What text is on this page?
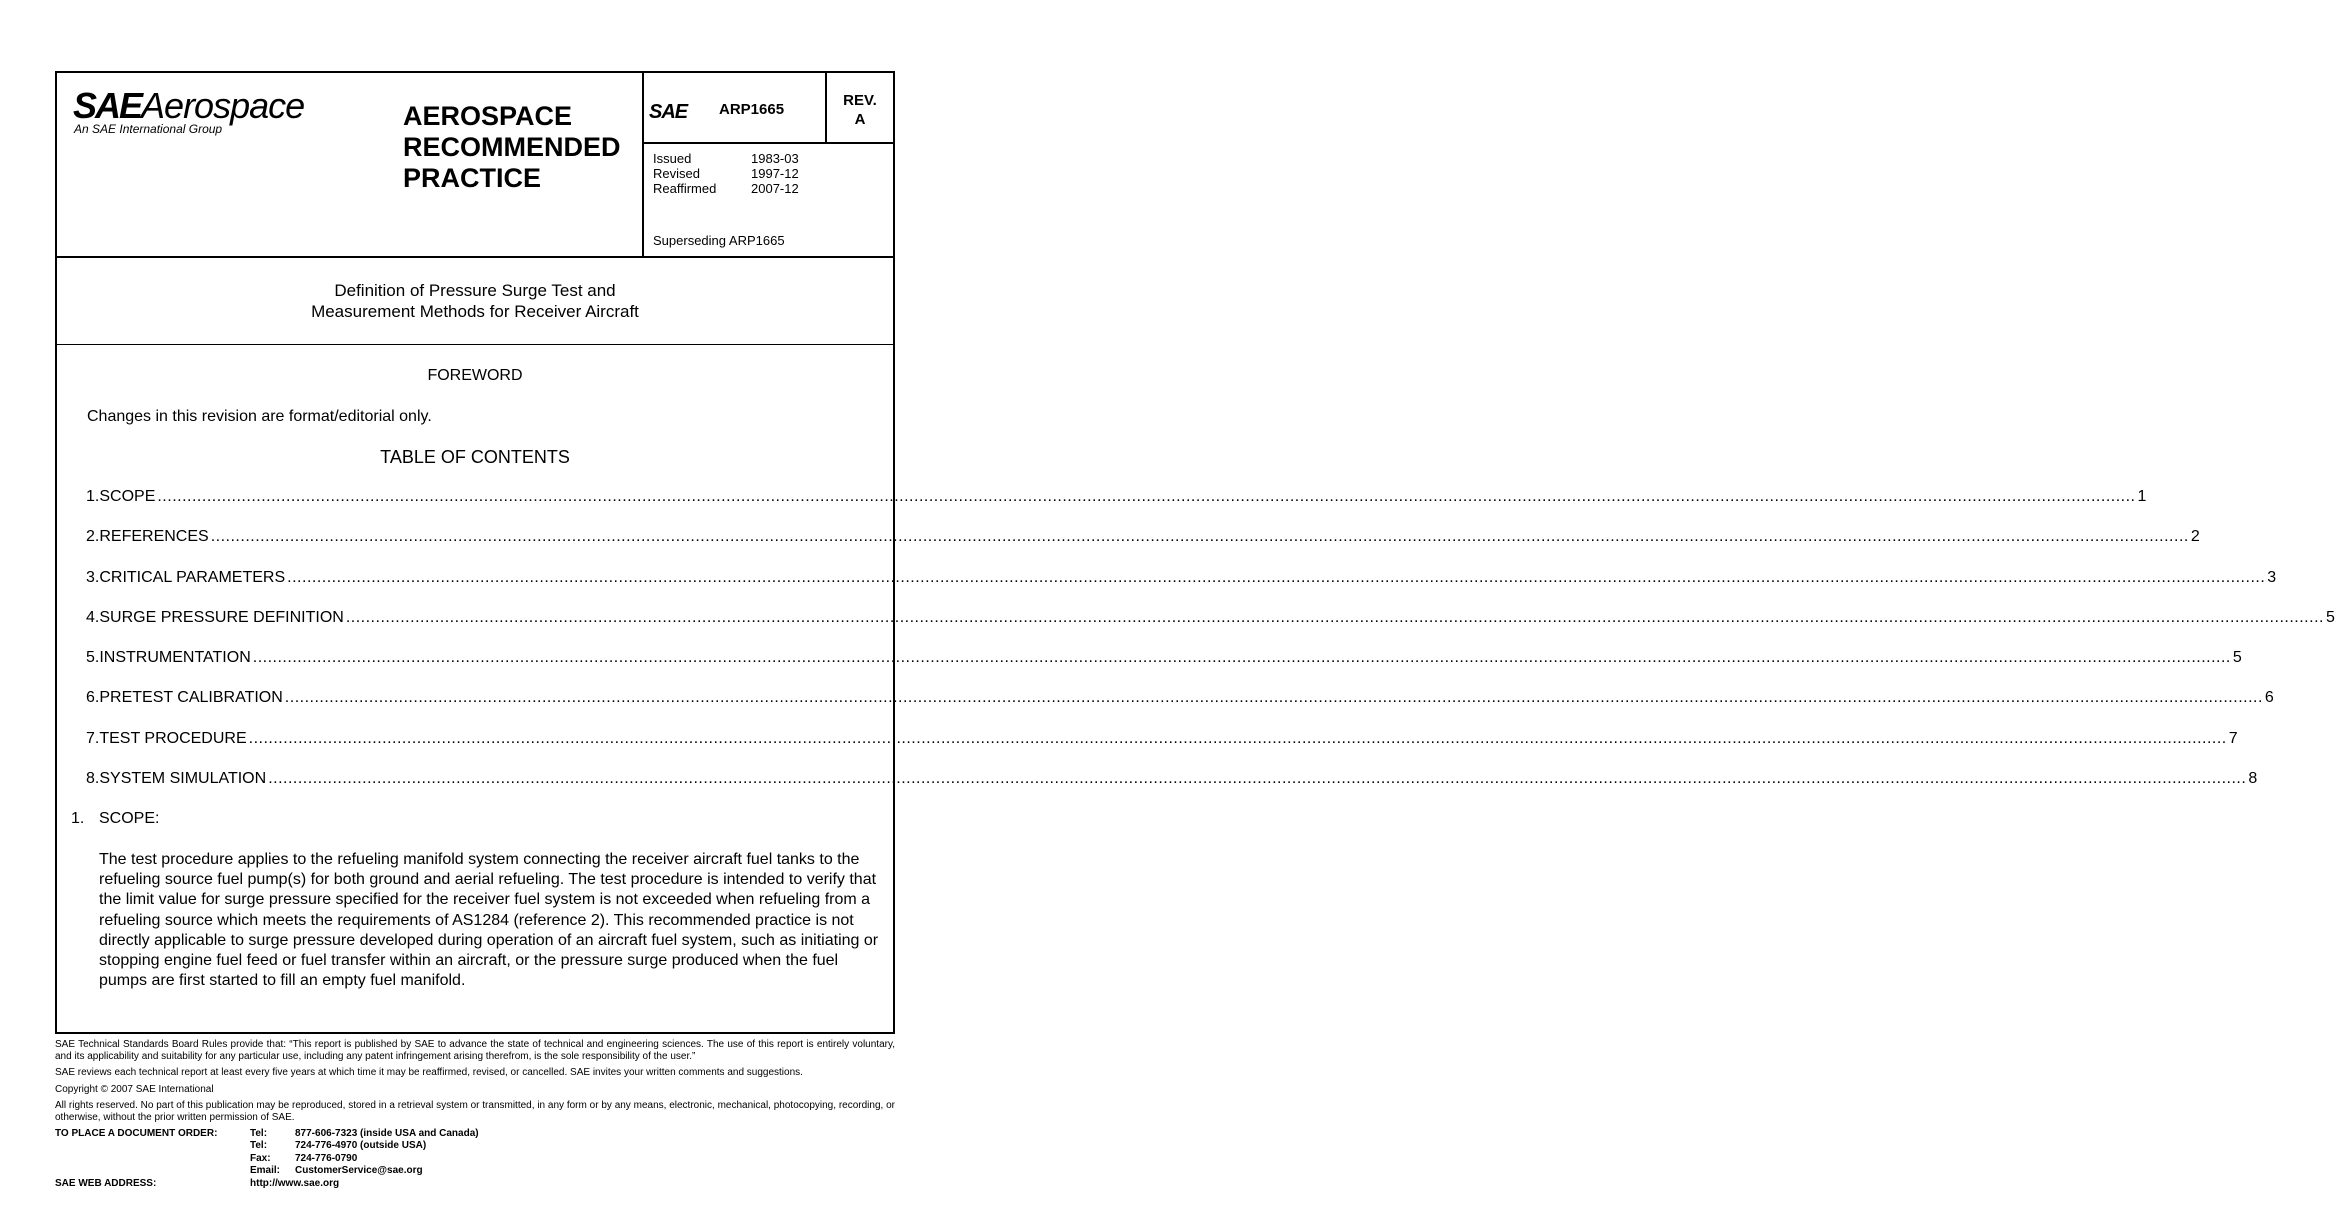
SAEAerospace
An SAE International Group	AEROSPACE
RECOMMENDED
PRACTICE
SAE ARP1665
REV.
A
Issued	1983-03
Revised	1997-12
Reaffirmed	2007-12
Superseding ARP1665
Definition of Pressure Surge Test and
Measurement Methods for Receiver Aircraft
FOREWORD
Changes in this revision are format/editorial only.
TABLE OF CONTENTS
1. SCOPE ................................................................................................................................................................................................................................................................................................................................................................................................................ 1
2. REFERENCES ................................................................................................................................................................................................................................................................................................................................................................................................................ 2
3. CRITICAL PARAMETERS ................................................................................................................................................................................................................................................................................................................................................................................................................ 3
4. SURGE PRESSURE DEFINITION ................................................................................................................................................................................................................................................................................................................................................................................................................ 5
5. INSTRUMENTATION ................................................................................................................................................................................................................................................................................................................................................................................................................ 5
6. PRETEST CALIBRATION ................................................................................................................................................................................................................................................................................................................................................................................................................ 6
7. TEST PROCEDURE ................................................................................................................................................................................................................................................................................................................................................................................................................ 7
8. SYSTEM SIMULATION ................................................................................................................................................................................................................................................................................................................................................................................................................ 8
1. SCOPE:
The test procedure applies to the refueling manifold system connecting the receiver aircraft fuel tanks to the refueling source fuel pump(s) for both ground and aerial refueling. The test procedure is intended to verify that the limit value for surge pressure specified for the receiver fuel system is not exceeded when refueling from a refueling source which meets the requirements of AS1284 (reference 2). This recommended practice is not directly applicable to surge pressure developed during operation of an aircraft fuel system, such as initiating or stopping engine fuel feed or fuel transfer within an aircraft, or the pressure surge produced when the fuel pumps are first started to fill an empty fuel manifold.

SAE Technical Standards Board Rules provide that: “This report is published by SAE to advance the state of technical and engineering sciences. The use of this report is entirely voluntary, and its applicability and suitability for any particular use, including any patent infringement arising therefrom, is the sole responsibility of the user.”

SAE reviews each technical report at least every five years at which time it may be reaffirmed, revised, or cancelled. SAE invites your written comments and suggestions.

Copyright © 2007 SAE International

All rights reserved. No part of this publication may be reproduced, stored in a retrieval system or transmitted, in any form or by any means, electronic, mechanical, photocopying, recording, or otherwise, without the prior written permission of SAE.

TO PLACE A DOCUMENT ORDER:	Tel:	877-606-7323 (inside USA and Canada)
Tel:	724-776-4970 (outside USA)
Fax:	724-776-0790
Email:	CustomerService@sae.org
SAE WEB ADDRESS:	http://www.sae.org
